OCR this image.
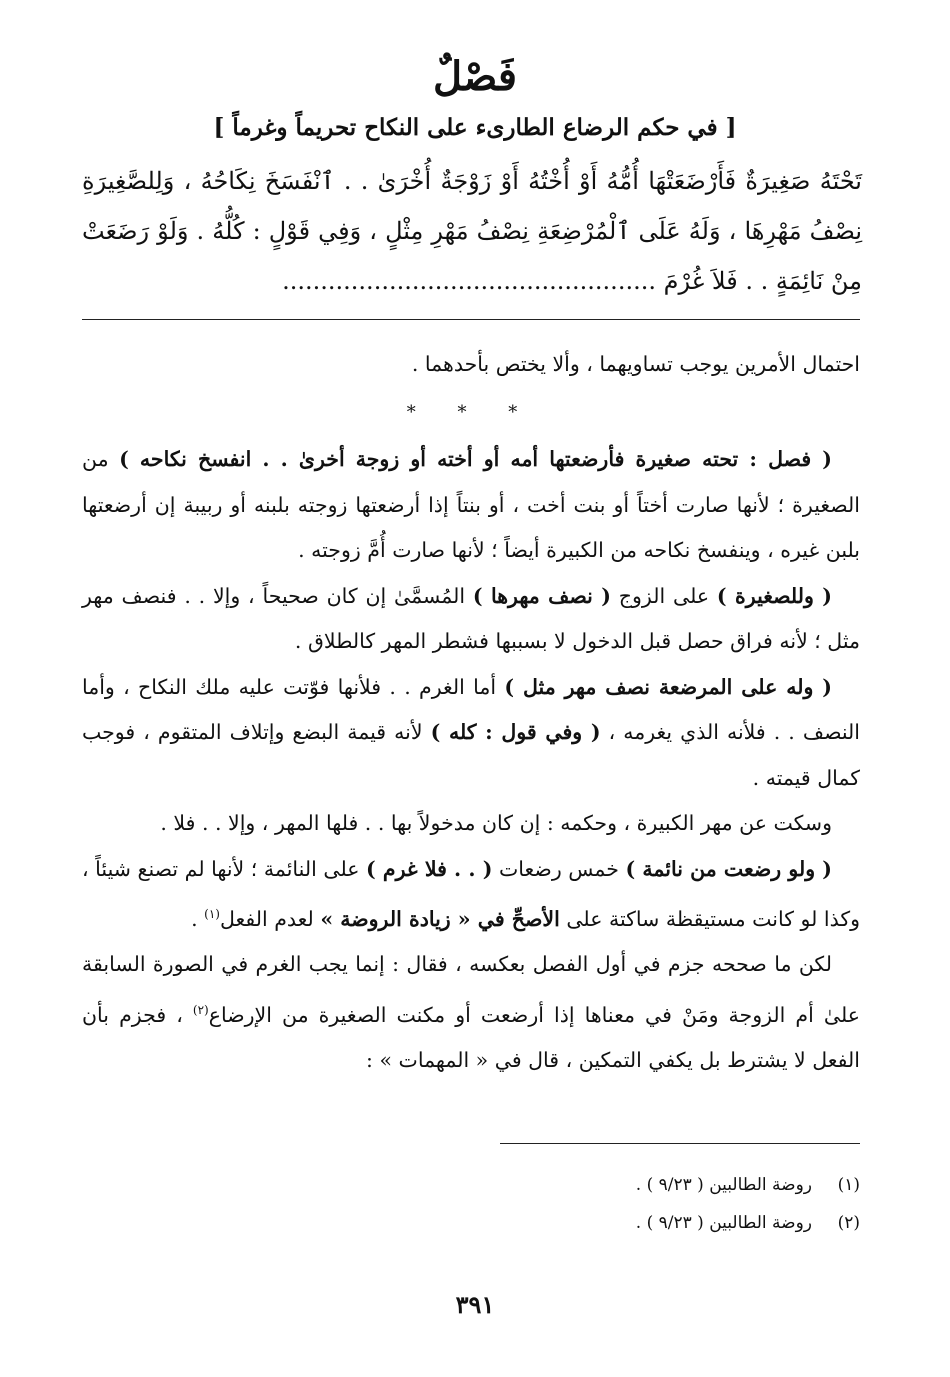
فَصْلٌ
[ في حكم الرضاع الطارىء على النكاح تحريماً وغرماً ]
تَحْتَهُ صَغِيرَةٌ فَأَرْضَعَتْهَا أُمُّهُ أَوْ أُخْتُهُ أَوْ زَوْجَةٌ أُخْرَىٰ . . ٱنْفَسَخَ نِكَاحُهُ ، وَلِلصَّغِيرَةِ نِصْفُ مَهْرِهَا ، وَلَهُ عَلَى ٱلْمُرْضِعَةِ نِصْفُ مَهْرِ مِثْلٍ ، وَفِي قَوْلٍ : كُلُّهُ . وَلَوْ رَضَعَتْ مِنْ نَائِمَةٍ . . فَلاَ غُرْمَ .................................................

احتمال الأمرين يوجب تساويهما ، وألا يختص بأحدهما .

* * *

( فصل : تحته صغيرة فأرضعتها أمه أو أخته أو زوجة أخرىٰ . . انفسخ نكاحه ) من الصغيرة ؛ لأنها صارت أختاً أو بنت أخت ، أو بنتاً إذا أرضعتها زوجته بلبنه أو ربيبة إن أرضعتها بلبن غيره ، وينفسخ نكاحه من الكبيرة أيضاً ؛ لأنها صارت أُمَّ زوجته .

( وللصغيرة ) على الزوج ( نصف مهرها ) المُسمَّىٰ إن كان صحيحاً ، وإلا . . فنصف مهر مثل ؛ لأنه فراق حصل قبل الدخول لا بسببها فشطر المهر كالطلاق .

( وله على المرضعة نصف مهر مثل ) أما الغرم . . فلأنها فوّتت عليه ملك النكاح ، وأما النصف . . فلأنه الذي يغرمه ، ( وفي قول : كله ) لأنه قيمة البضع وإتلاف المتقوم ، فوجب كمال قيمته .

وسكت عن مهر الكبيرة ، وحكمه : إن كان مدخولاً بها . . فلها المهر ، وإلا . . فلا .

( ولو رضعت من نائمة ) خمس رضعات ( . . فلا غرم ) على النائمة ؛ لأنها لم تصنع شيئاً ، وكذا لو كانت مستيقظة ساكتة على الأصحِّ في « زيادة الروضة » لعدم الفعل$^{(١)}$ .

لكن ما صححه جزم في أول الفصل بعكسه ، فقال : إنما يجب الغرم في الصورة السابقة علىٰ أم الزوجة ومَنْ في معناها إذا أرضعت أو مكنت الصغيرة من الإرضاع$^{(٢)}$ ، فجزم بأن الفعل لا يشترط بل يكفي التمكين ، قال في « المهمات » :

(١)روضة الطالبين ( ٩/٢٣ ) .
(٢)روضة الطالبين ( ٩/٢٣ ) .
٣٩١
